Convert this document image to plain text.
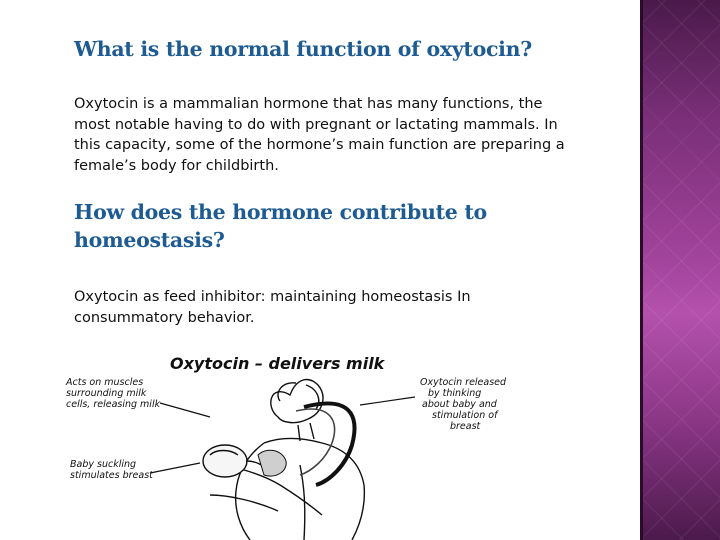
What is the normal function of oxytocin?

Oxytocin is a mammalian hormone that has many functions, the most notable having to do with pregnant or lactating mammals. In this capacity, some of the hormone’s main function are preparing a female’s body for childbirth.

How does the hormone contribute to homeostasis?

Oxytocin as feed inhibitor: maintaining homeostasis In consummatory behavior.

Oxytocin – delivers milk
Acts on muscles
surrounding milk
cells, releasing milk
Baby suckling
stimulates breast
Oxytocin released
by thinking
about baby and
stimulation of
breast
